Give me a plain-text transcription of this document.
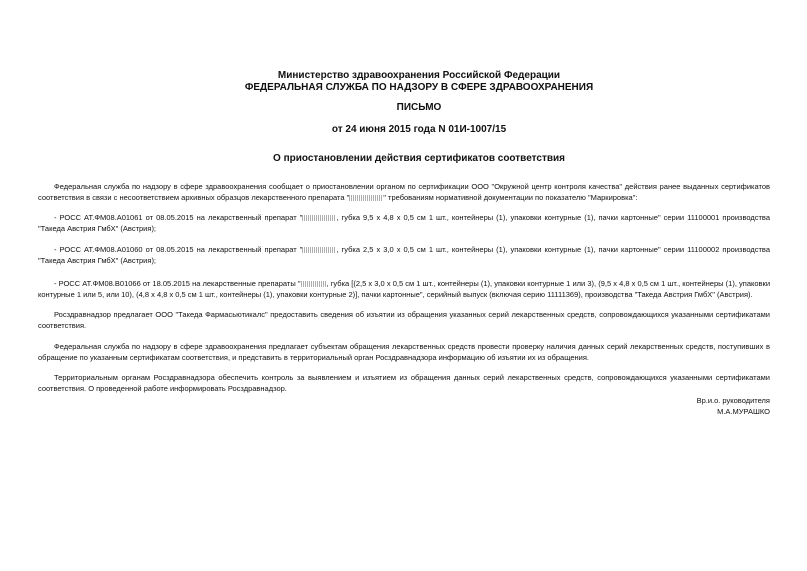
Министерство здравоохранения Российской Федерации

ФЕДЕРАЛЬНАЯ СЛУЖБА ПО НАДЗОРУ В СФЕРЕ ЗДРАВООХРАНЕНИЯ

ПИСЬМО

от 24 июня 2015 года N 01И-1007/15

О приостановлении действия сертификатов соответствия

Федеральная служба по надзору в сфере здравоохранения сообщает о приостановлении органом по сертификации ООО "Окружной центр контроля качества" действия ранее выданных сертификатов соответствия в связи с несоответствием архивных образцов лекарственного препарата "	" требованиям нормативной документации по показателю "Маркировка":

- РОСС AT.ФМ08.А01061 от 08.05.2015 на лекарственный препарат "	, губка 9,5 х 4,8 х 0,5 см 1 шт., контейнеры (1), упаковки контурные (1), пачки картонные" серии 11100001 производства "Такеда Австрия ГмбХ" (Австрия);

- РОСС AT.ФМ08.А01060 от 08.05.2015 на лекарственный препарат "	, губка 2,5 х 3,0 х 0,5 см 1 шт., контейнеры (1), упаковки контурные (1), пачки картонные" серии 11100002 производства "Такеда Австрия ГмбХ" (Австрия);

- РОСС AT.ФМ08.В01066 от 18.05.2015 на лекарственные препараты "	, губка [(2,5 х 3,0 х 0,5 см 1 шт., контейнеры (1), упаковки контурные 1 или 3), (9,5 х 4,8 х 0,5 см 1 шт., контейнеры (1), упаковки контурные 1 или 5, или 10), (4,8 х 4,8 х 0,5 см 1 шт., контейнеры (1), упаковки контурные 2)], пачки картонные", серийный выпуск (включая серию 11111369), производства "Такеда Австрия ГмбХ" (Австрия).

Росздравнадзор предлагает ООО "Такеда Фармасьютикалс" предоставить сведения об изъятии из обращения указанных серий лекарственных средств, сопровождающихся указанными сертификатами соответствия.

Федеральная служба по надзору в сфере здравоохранения предлагает субъектам обращения лекарственных средств провести проверку наличия данных серий лекарственных средств, поступивших в обращение по указанным сертификатам соответствия, и представить в территориальный орган Росздравнадзора информацию об изъятии их из обращения.

Территориальным органам Росздравнадзора обеспечить контроль за выявлением и изъятием из обращения данных серий лекарственных средств, сопровождающихся указанными сертификатами соответствия. О проведенной работе информировать Росздравнадзор.

Вр.и.о. руководителя

М.А.МУРАШКО
